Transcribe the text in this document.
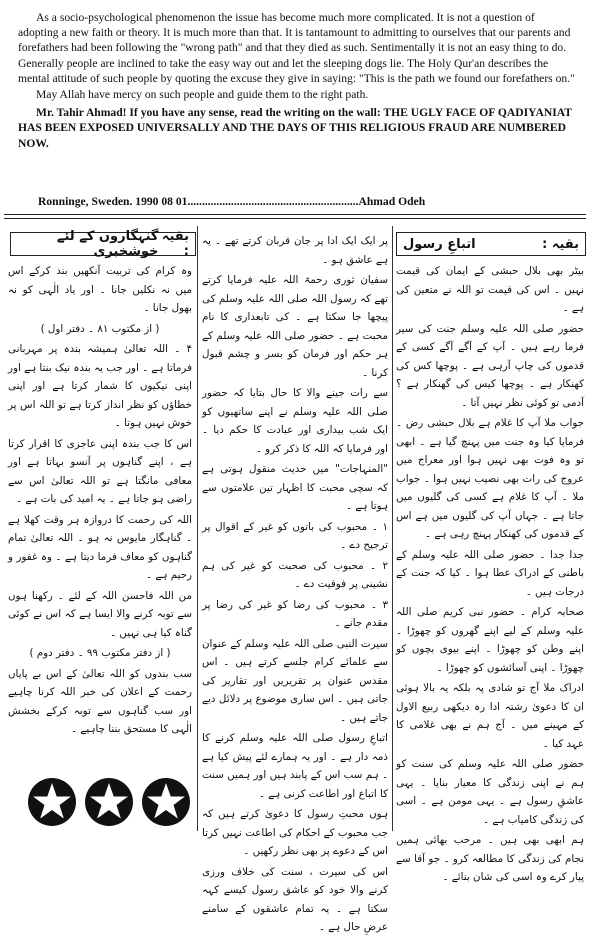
As a socio-psychological phenomenon the issue has become much more complicated. It is not a question of adopting a new faith or theory. It is much more than that. It is tantamount to admitting to ourselves that our parents and forefathers had been following the "wrong path" and that they died as such. Sentimentally it is not an easy thing to do. Generally people are inclined to take the easy way out and let the sleeping dogs lie. The Holy Qur'an describes the mental attitude of such people by quoting the excuse they give in saying: "This is the path we found our forefathers on."

May Allah have mercy on such people and guide them to the right path.

Mr. Tahir Ahmad! If you have any sense, read the writing on the wall: THE UGLY FACE OF QADIYANIAT HAS BEEN EXPOSED UNIVERSALLY AND THE DAYS OF THIS RELIGIOUS FRAUD ARE NUMBERED NOW.

Ronninge, Sweden. 1990 08 01...........................................................Ahmad Odeh
بقیہ :
اتباعِ رسول

بیٹر بھی بلال حبشی کے ایمان کی قیمت نہیں ۔ اس کی قیمت تو اللہ نے متعین کی ہے ۔

حضور صلی اللہ علیہ وسلم جنت کی سیر فرما رہے ہیں ۔ آپ کے آگے آگے کسی کے قدموں کی چاپ آرہی ہے ۔ پوچھا کس کی کھنکار ہے ۔ پوچھا کیس کی گھنکار ہے ؟ آدمی تو کوئی نظر نہیں آتا ۔

جواب ملا آپ کا غلام ہے بلال حبشی رض ۔ فرمایا کیا وہ جنت میں پہنچ گیا ہے ۔ ابھی تو وہ فوت بھی نہیں ہوا اور معراج میں عروج کی رات بھی نصیب نہیں ہوا ۔ جواب ملا ۔ آپ کا غلام ہے کسی کی گلیوں میں جاتا ہے ۔ جہاں آپ کی گلیوں میں ہے اس کے قدموں کی کھنکار پہنچ رہی ہے ۔

جدا جدا ۔ حضور صلی اللہ علیہ وسلم کے باطنی کے ادراک عطا ہوا ۔ کیا کہ جنت کے درجات ہیں ۔

صحابہ کرام ۔ حضور نبی کریم صلی اللہ علیہ وسلم کے لیے اپنے گھروں کو چھوڑا ۔ اپنے وطن کو چھوڑا ۔ اپنے بیوی بچوں کو چھوڑا ۔ اپنی آسائشوں کو چھوڑا ۔

ادراک ملا آج تو شادی پہ بلکہ یہ بالا ہوئی ان کا دعویٰ رشتہ ادا رہ دیکھی ربیع الاول کے مہینے میں ۔ آج ہم نے بھی غلامی کا عہد کیا ۔

حضور صلی اللہ علیہ وسلم کی سنت کو ہم نے اپنی زندگی کا معیار بنایا ۔ یہی عاشقِ رسول ہے ۔ یہی مومن ہے ۔ اسی کی زندگی کامیاب ہے ۔

ہم ابھی بھی ہیں ۔ مرحب بھائی ہمیں نجام کی زندگی کا مطالعہ کرو ۔ جو آقا سے پیار کرے وہ اسی کی شان بنائے ۔

پر ایک ایک ادا پر جان قربان کرتے تھے ۔ یہ ہے عاشق ہو ۔

سفیان ثوری رحمۃ اللہ علیہ فرمایا کرتے تھے کہ رسول اللہ صلی اللہ علیہ وسلم کی پیچھا جا سکتا ہے ۔ کی تابعداری کا نام محبت ہے ۔ حضور صلی اللہ علیہ وسلم کے ہر حکم اور فرمان کو بسر و چشم قبول کرنا ۔

سے رات جینے والا کا حال بتایا کہ حضور صلی اللہ علیہ وسلم نے اپنے ساتھیوں کو ایک شب بیداری اور عبادت کا حکم دیا ۔ اور فرمایا کہ اللہ کا ذکر کرو ۔

"المنہاجات" میں حدیث منقول ہوتی ہے کہ سچی محبت کا اظہار تین علامتوں سے ہوتا ہے ۔

۱ ۔ محبوب کی باتوں کو غیر کے اقوال پر ترجیح دے ۔

۲ ۔ محبوب کی صحبت کو غیر کی ہم نشینی پر فوقیت دے ۔

۳ ۔ محبوب کی رضا کو غیر کی رضا پر مقدم جانے ۔

سیرت النبی صلی اللہ علیہ وسلم کے عنوان سے علمائے کرام جلسے کرتے ہیں ۔ اس مقدس عنوان پر تقریریں اور تقاریر کی جاتی ہیں ۔ اس ساری موضوع پر دلائل دیے جاتے ہیں ۔

اتباعِ رسول صلی اللہ علیہ وسلم کرنے کا ذمہ دار ہے ۔ اور یہ ہمارے لئے پیش کیا ہے ۔ ہم سب اس کے پابند ہیں اور ہمیں سنت کا اتباع اور اطاعت کرنی ہے ۔

ہوں محبتِ رسول کا دعویٰ کرتے ہیں کہ جب محبوب کے احکام کی اطاعت نہیں کرتا اس کے دعوے پر بھی نظر رکھیں ۔

اس کی سیرت ، سنت کی خلاف ورزی کرنے والا خود کو عاشق رسول کیسے کہہ سکتا ہے ۔ یہ تمام عاشقوں کے سامنے عرضِ حال ہے ۔

بقیہ :
گنہگاروں کے لئے خوشخبری

وہ کرام کی تربیت آنکھیں بند کرکے اس میں نہ نکلیں جانا ۔ اور یاد الٰہی کو نہ بھول جانا ۔

( از مکتوب ۸۱ ۔ دفتر اول )

۴ ۔ اللہ تعالیٰ ہمیشہ بندہ پر مہربانی فرماتا ہے ۔ اور جب یہ بندہ نیک بنتا ہے اور اپنی نیکیوں کا شمار کرتا ہے اور اپنی خطاؤں کو نظر انداز کرتا ہے تو اللہ اس پر خوش نہیں ہوتا ۔

اس کا جب بندہ اپنی عاجزی کا اقرار کرتا ہے ، اپنے گناہوں پر آنسو بہاتا ہے اور معافی مانگتا ہے تو اللہ تعالیٰ اس سے راضی ہو جاتا ہے ۔ یہ امید کی بات ہے ۔

اللہ کی رحمت کا دروازہ ہر وقت کھلا ہے ۔ گناہگار مایوس نہ ہو ۔ اللہ تعالیٰ تمام گناہوں کو معاف فرما دیتا ہے ۔ وہ غفور و رحیم ہے ۔

من اللہ فاحسن اللہ کے لئے ۔ رکھنا ہوں سے توبہ کرنے والا ایسا ہے کہ اس نے کوئی گناہ کیا ہی نہیں ۔

( از دفتر مکتوب ۹۹ ۔ دفتر دوم )

سب بندوں کو اللہ تعالیٰ کے اس بے پایاں رحمت کے اعلان کی خبر اللہ کرنا چاہیے اور سب گناہوں سے توبہ کرکے بخشش الٰہی کا مستحق بننا چاہیے ۔
